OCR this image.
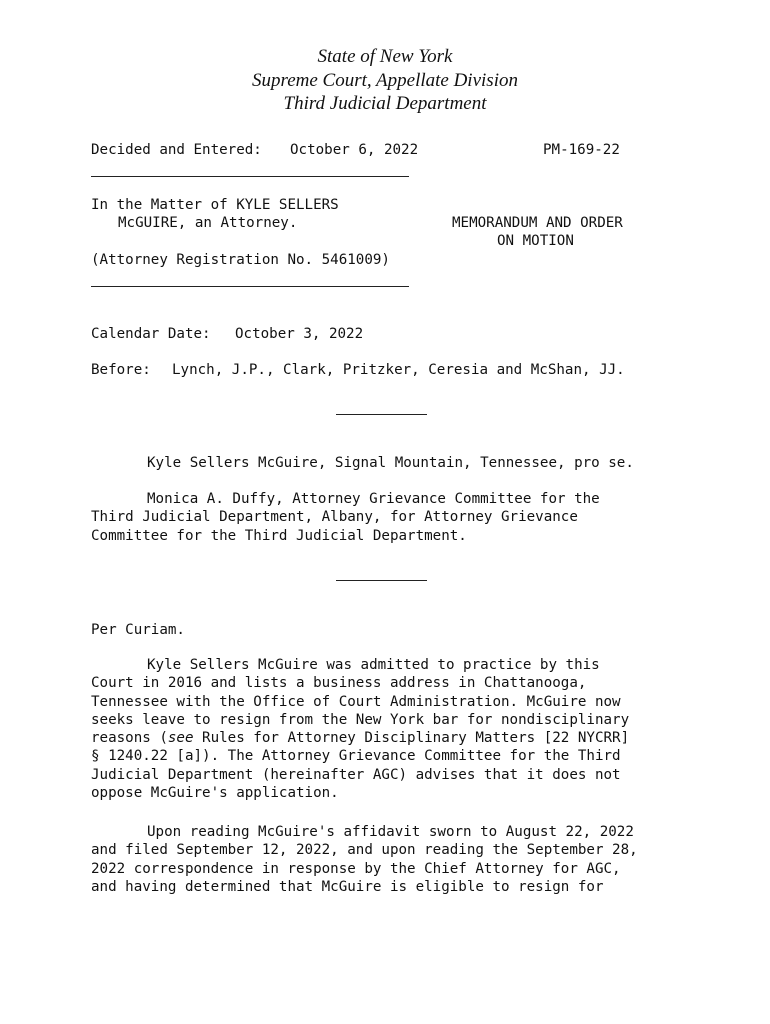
State of New York
Supreme Court, Appellate Division
Third Judicial Department
Decided and Entered: October 6, 2022	PM-169-22
In the Matter of KYLE SELLERS
McGUIRE, an Attorney.	MEMORANDUM AND ORDER
ON MOTION
(Attorney Registration No. 5461009)
Calendar Date: October 3, 2022
Before: Lynch, J.P., Clark, Pritzker, Ceresia and McShan, JJ.
Kyle Sellers McGuire, Signal Mountain, Tennessee, pro se.
Monica A. Duffy, Attorney Grievance Committee for the
Third Judicial Department, Albany, for Attorney Grievance
Committee for the Third Judicial Department.
Per Curiam.
Kyle Sellers McGuire was admitted to practice by this
Court in 2016 and lists a business address in Chattanooga,
Tennessee with the Office of Court Administration. McGuire now
seeks leave to resign from the New York bar for nondisciplinary
reasons (see Rules for Attorney Disciplinary Matters [22 NYCRR]
§ 1240.22 [a]). The Attorney Grievance Committee for the Third
Judicial Department (hereinafter AGC) advises that it does not
oppose McGuire's application.
Upon reading McGuire's affidavit sworn to August 22, 2022
and filed September 12, 2022, and upon reading the September 28,
2022 correspondence in response by the Chief Attorney for AGC,
and having determined that McGuire is eligible to resign for
